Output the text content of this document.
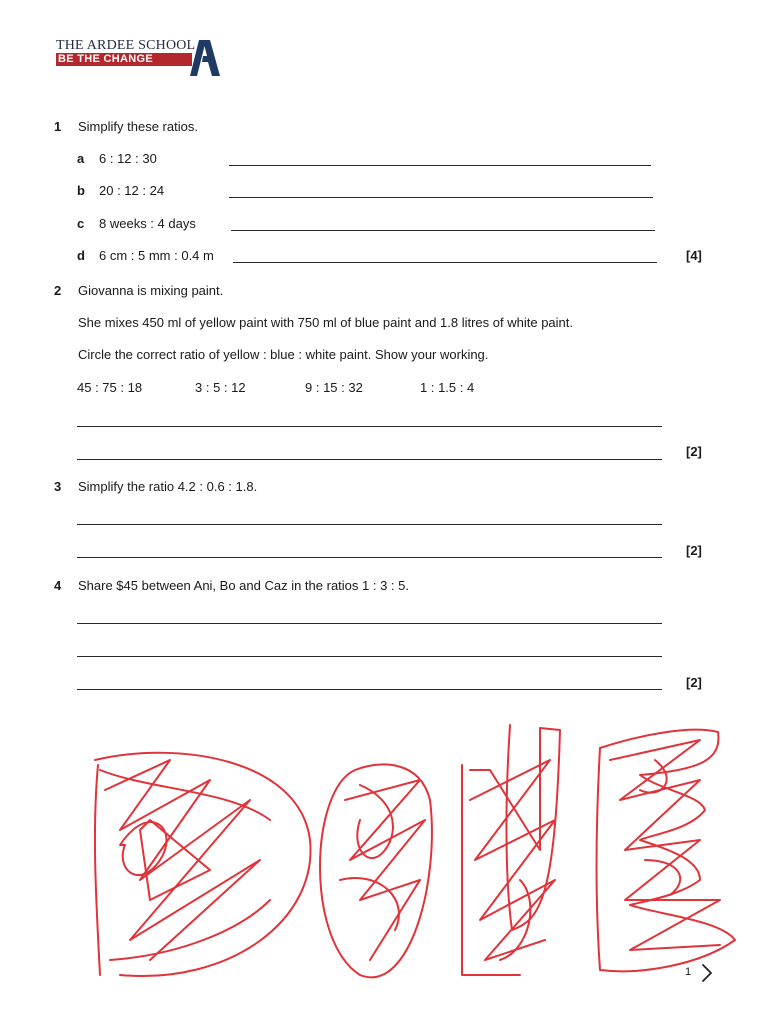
THE ARDEE SCHOOL
BE THE CHANGE
1 Simplify these ratios.
a 6 : 12 : 30
b 20 : 12 : 24
c 8 weeks : 4 days
d 6 cm : 5 mm : 0.4 m	[4]
2 Giovanna is mixing paint.
She mixes 450 ml of yellow paint with 750 ml of blue paint and 1.8 litres of white paint.
Circle the correct ratio of yellow : blue : white paint. Show your working.
45 : 75 : 18	3 : 5 : 12	9 : 15 : 32	1 : 1.5 : 4
[2]
3 Simplify the ratio 4.2 : 0.6 : 1.8.
[2]
4 Share $45 between Ani, Bo and Caz in the ratios 1 : 3 : 5.
[2]
1
